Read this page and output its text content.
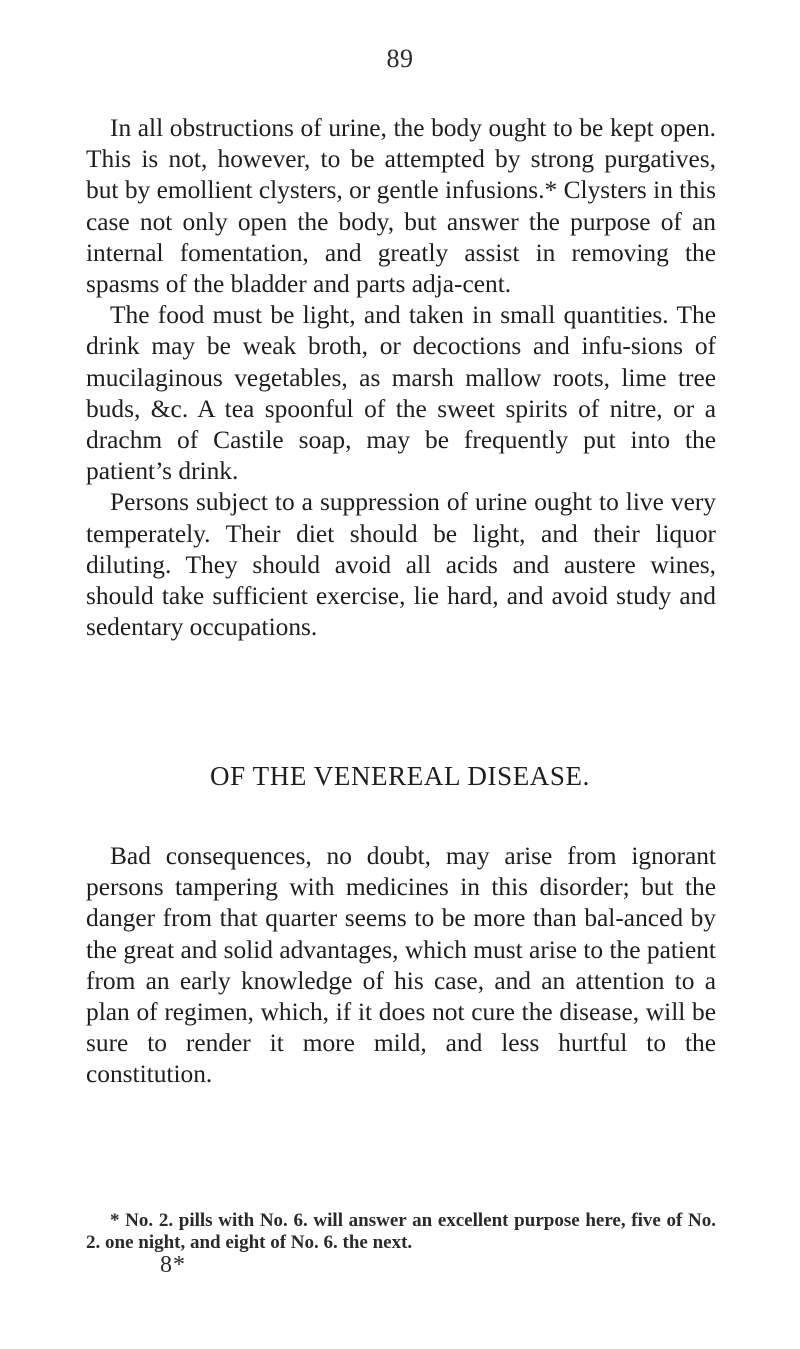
89

In all obstructions of urine, the body ought to be kept open. This is not, however, to be attempted by strong purgatives, but by emollient clysters, or gentle infusions.* Clysters in this case not only open the body, but answer the purpose of an internal fomentation, and greatly assist in removing the spasms of the bladder and parts adja-cent.

The food must be light, and taken in small quantities. The drink may be weak broth, or decoctions and infu-sions of mucilaginous vegetables, as marsh mallow roots, lime tree buds, &c. A tea spoonful of the sweet spirits of nitre, or a drachm of Castile soap, may be frequently put into the patient’s drink.

Persons subject to a suppression of urine ought to live very temperately. Their diet should be light, and their liquor diluting. They should avoid all acids and austere wines, should take sufficient exercise, lie hard, and avoid study and sedentary occupations.

OF THE VENEREAL DISEASE.

Bad consequences, no doubt, may arise from ignorant persons tampering with medicines in this disorder; but the danger from that quarter seems to be more than bal-anced by the great and solid advantages, which must arise to the patient from an early knowledge of his case, and an attention to a plan of regimen, which, if it does not cure the disease, will be sure to render it more mild, and less hurtful to the constitution.

* No. 2. pills with No. 6. will answer an excellent purpose here, five of No. 2. one night, and eight of No. 6. the next.

8*
